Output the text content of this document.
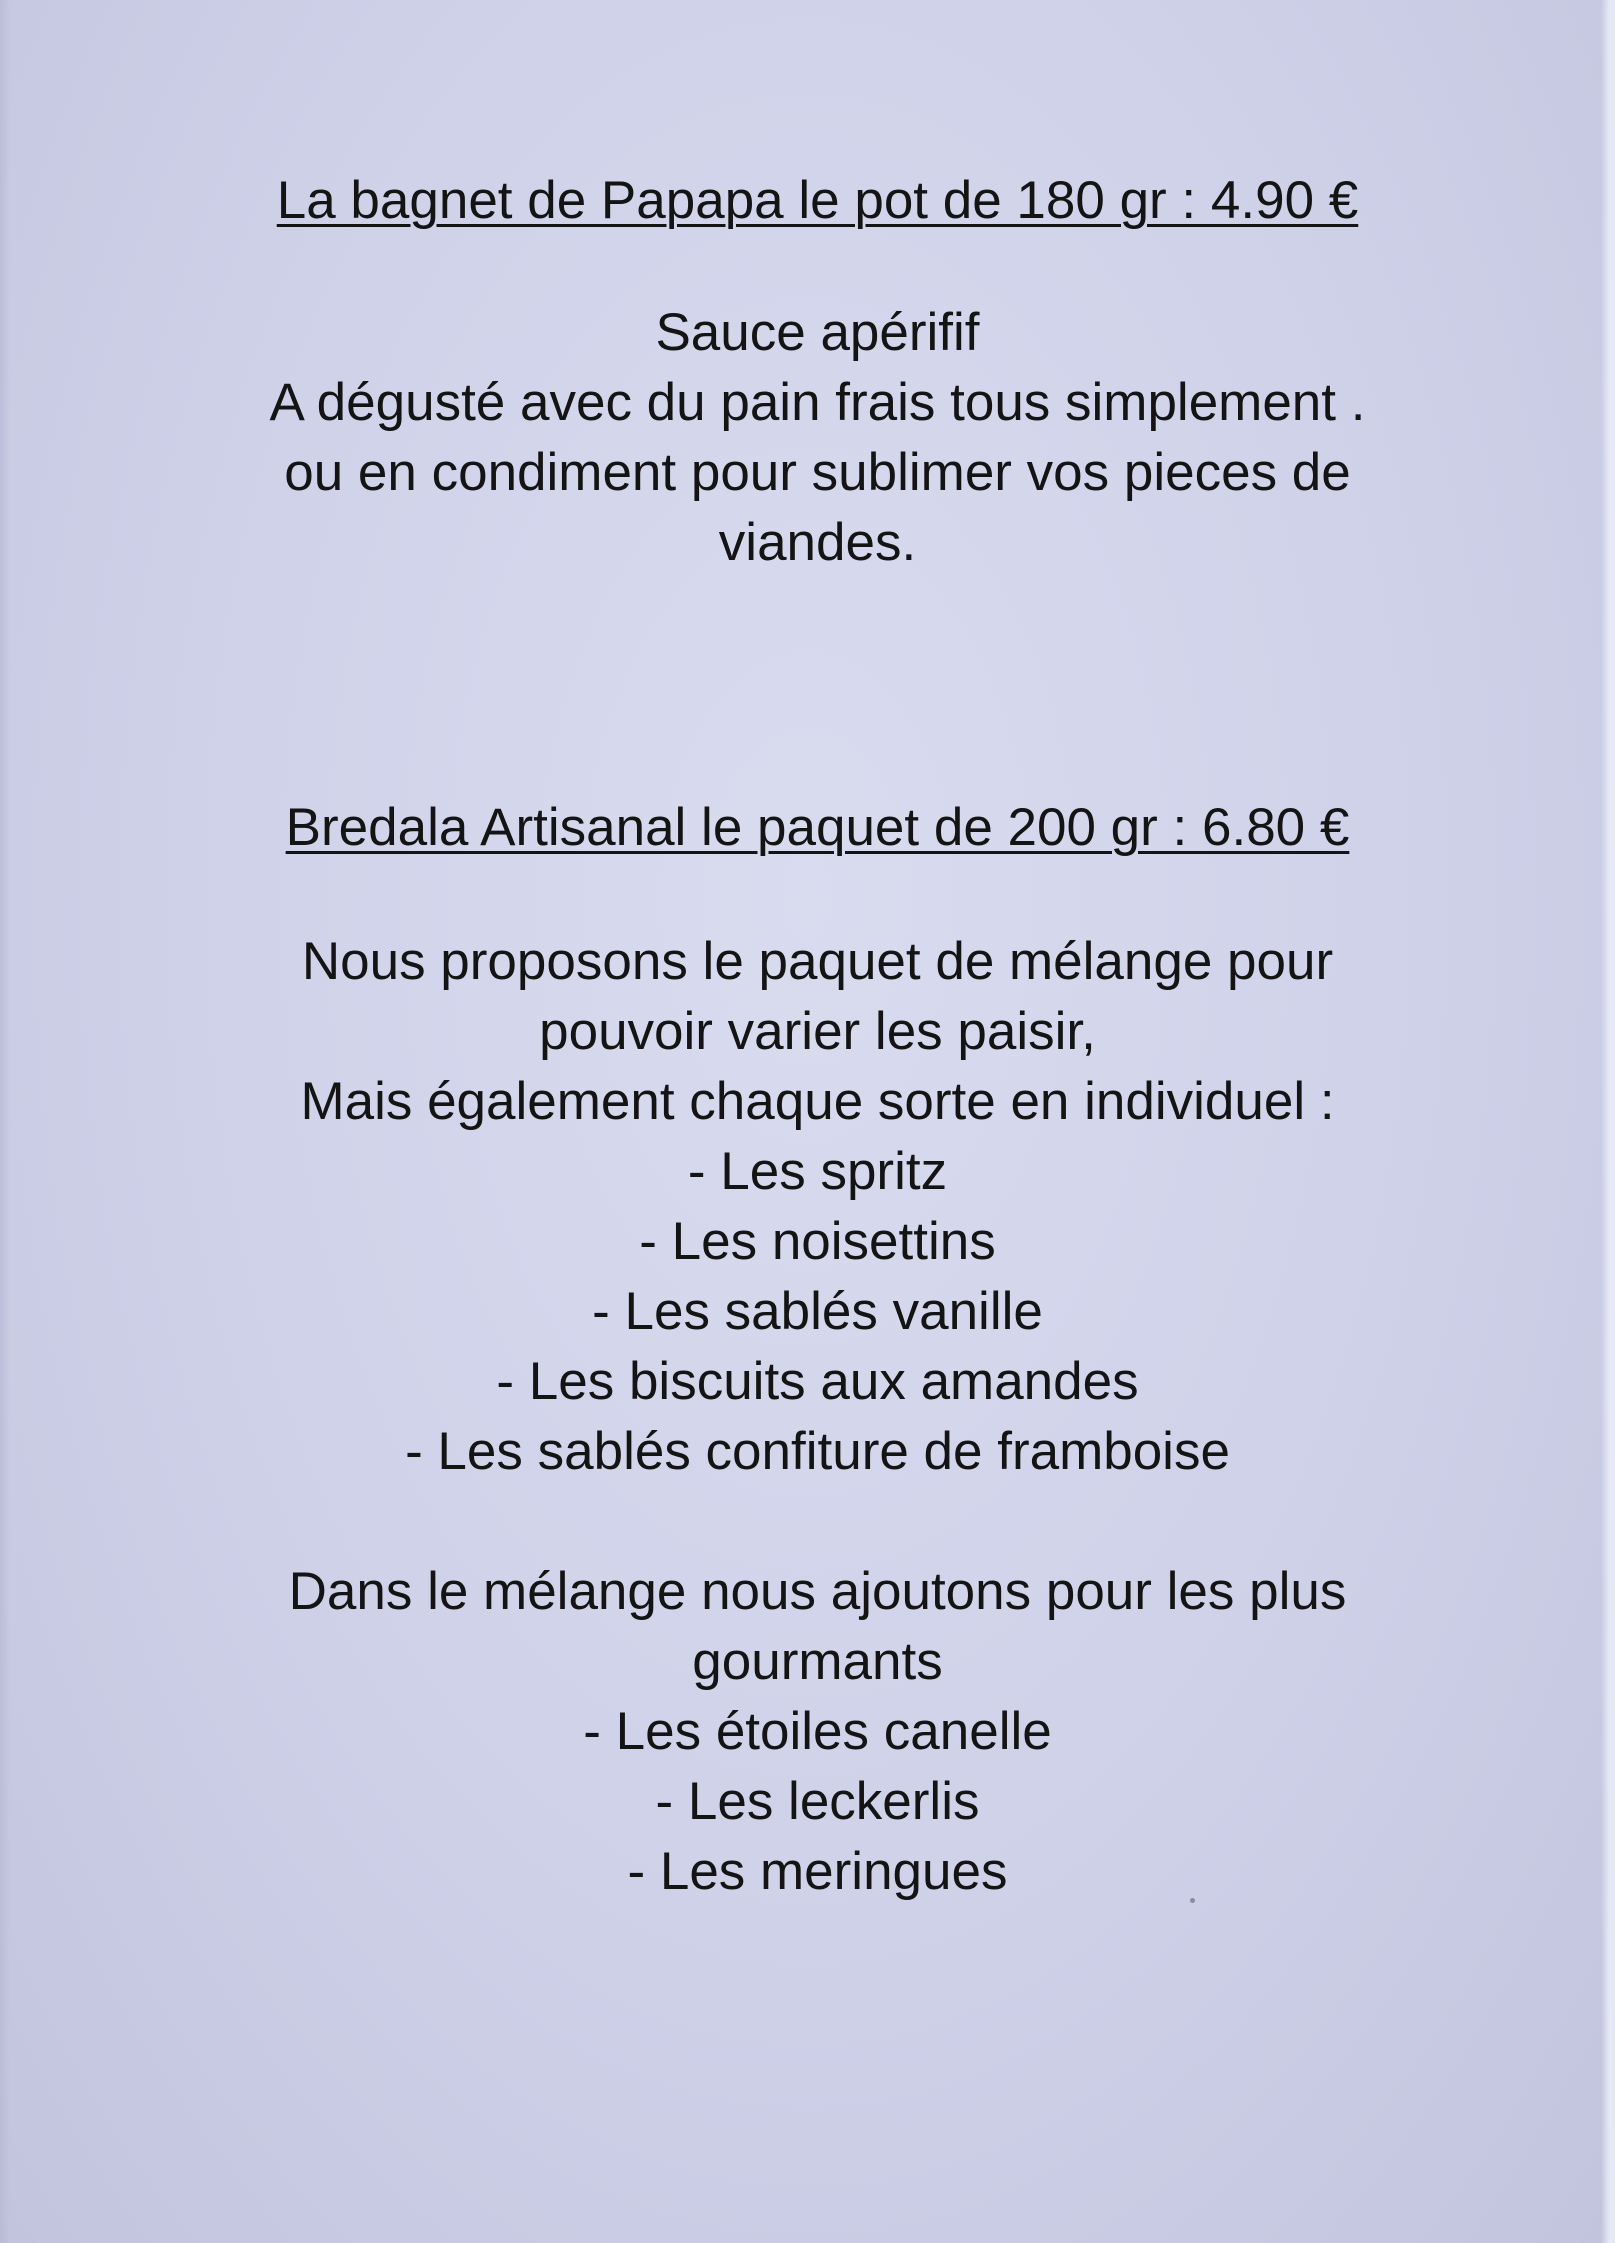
La bagnet de Papapa le pot de 180 gr : 4.90 €
Sauce apérifif
A dégusté avec du pain frais tous simplement .
ou en condiment pour sublimer vos pieces de
viandes.
Bredala Artisanal le paquet de 200 gr : 6.80 €
Nous proposons le paquet de mélange pour
pouvoir varier les paisir,
Mais également chaque sorte en individuel :
- Les spritz
- Les noisettins
- Les sablés vanille
- Les biscuits aux amandes
- Les sablés confiture de framboise
Dans le mélange nous ajoutons pour les plus
gourmants
- Les étoiles canelle
- Les leckerlis
- Les meringues
